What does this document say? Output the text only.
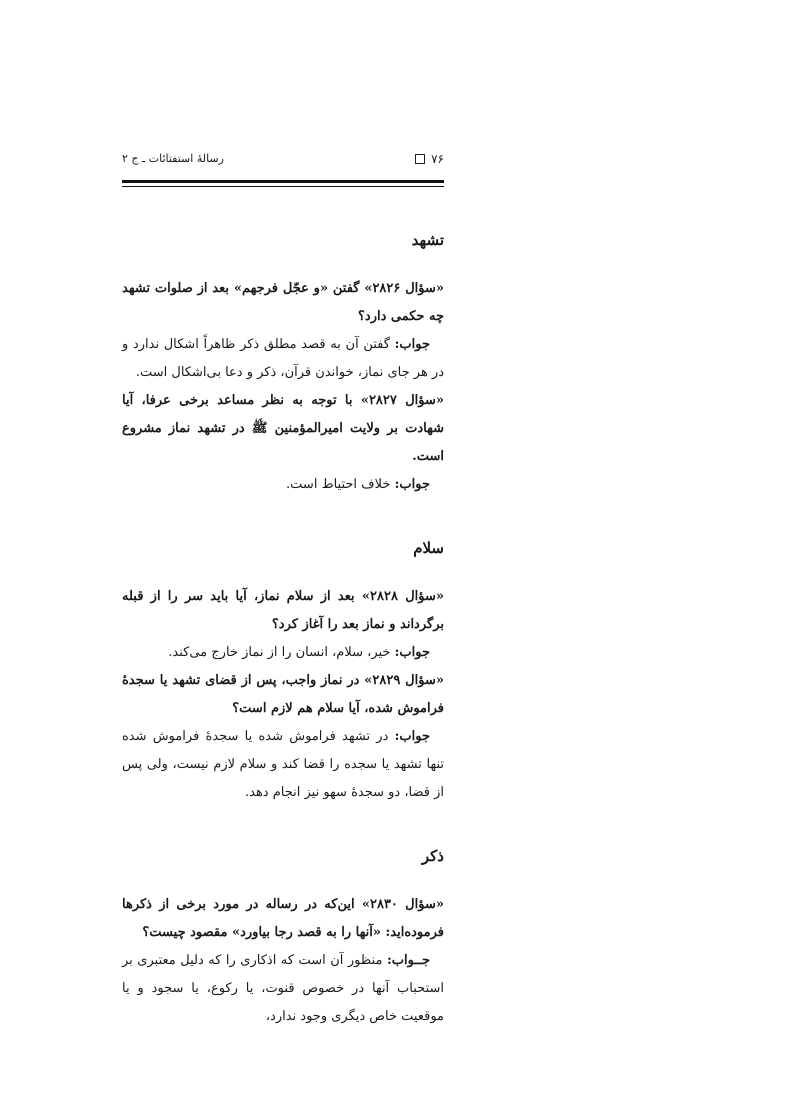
۷۶
رسالۀ استفتائات ـ ج ۲
تشهد

«سؤال ۲۸۲۶» گفتن «و عجّل فرجهم» بعد از صلوات تشهد چه حکمی دارد؟

جواب: گفتن آن به قصد مطلق ذکر ظاهراً اشکال ندارد و در هر جای نماز، خواندن قرآن، ذکر و دعا بی‌اشکال است.

«سؤال ۲۸۲۷» با توجه به نظر مساعد برخی عرفا، آیا شهادت بر ولایت امیرالمؤمنین ﷺ در تشهد نماز مشروع است.

جواب: خلاف احتیاط است.

سلام

«سؤال ۲۸۲۸» بعد از سلام نماز، آیا باید سر را از قبله برگرداند و نماز بعد را آغاز کرد؟

جواب: خیر، سلام، انسان را از نماز خارج می‌کند.

«سؤال ۲۸۲۹» در نماز واجب، پس از قضای تشهد یا سجدۀ فراموش شده، آیا سلام هم لازم است؟

جواب: در تشهد فراموش شده یا سجدۀ فراموش شده تنها تشهد یا سجده را قضا کند و سلام لازم نیست، ولی پس از قضا، دو سجدۀ سهو نیز انجام دهد.

ذکر

«سؤال ۲۸۳۰» این‌که در رساله در مورد برخی از ذکرها فرموده‌اید: «آنها را به قصد رجا بیاورد» مقصود چیست؟

جــواب: منظور آن است که اذکاری را که دلیل معتبری بر استحباب آنها در خصوص قنوت، یا رکوع، یا سجود و یا موقعیت خاص دیگری وجود ندارد،
